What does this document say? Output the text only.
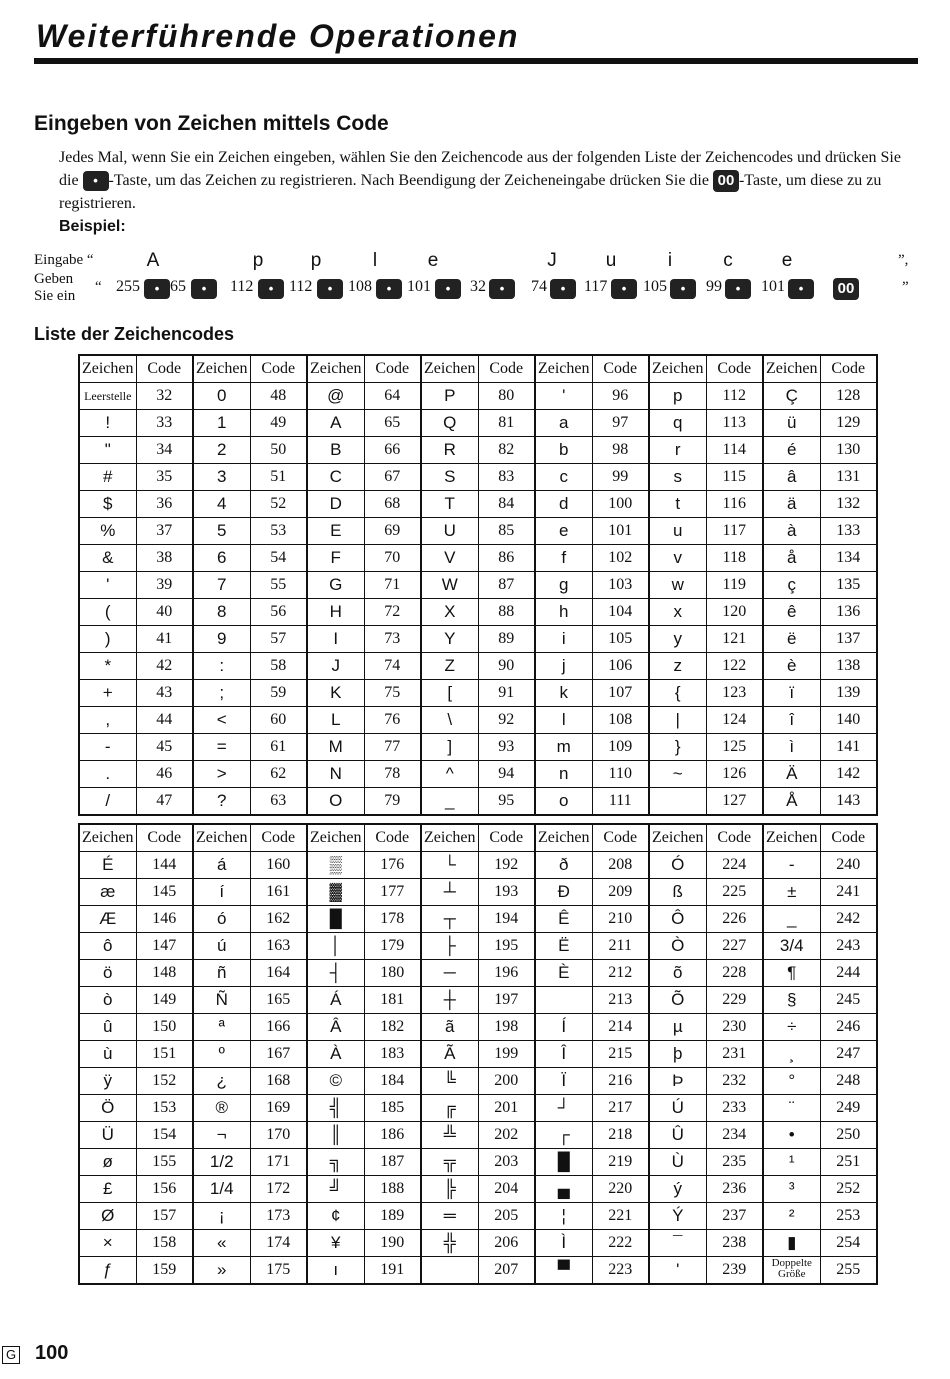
Weiterführende Operationen
Eingeben von Zeichen mittels Code
Jedes Mal, wenn Sie ein Zeichen eingeben, wählen Sie den Zeichencode aus der folgenden Liste der Zeichencodes und drücken Sie die • -Taste, um das Zeichen zu registrieren. Nach Beendigung der Zeicheneingabe drücken Sie die 00 -Taste, um diese zu zu registrieren.
Beispiel:
Eingabe “	A	p	p	l	e	J	u	i	c	e	”,
Geben
Sie ein
“ 255	• 65	•	112	• 112	• 108	• 101	•	32	•	74	•	117	•	105	•	99	•	101	•	00	”
Liste der Zeichencodes
Zeichen	Code	Zeichen	Code	Zeichen	Code	Zeichen	Code	Zeichen	Code	Zeichen	Code	Zeichen	Code
Leerstelle	32	0	48	@	64	P	80	'	96	p	112	Ç	128
!	33	1	49	A	65	Q	81	a	97	q	113	ü	129
"	34	2	50	B	66	R	82	b	98	r	114	é	130
#	35	3	51	C	67	S	83	c	99	s	115	â	131
$	36	4	52	D	68	T	84	d	100	t	116	ä	132
%	37	5	53	E	69	U	85	e	101	u	117	à	133
&	38	6	54	F	70	V	86	f	102	v	118	å	134
'	39	7	55	G	71	W	87	g	103	w	119	ç	135
(	40	8	56	H	72	X	88	h	104	x	120	ê	136
)	41	9	57	I	73	Y	89	i	105	y	121	ë	137
*	42	:	58	J	74	Z	90	j	106	z	122	è	138
+	43	;	59	K	75	[	91	k	107	{	123	ï	139
,	44	<	60	L	76	\	92	l	108	|	124	î	140
-	45	=	61	M	77	]	93	m	109	}	125	ì	141
.	46	>	62	N	78	^	94	n	110	~	126	Ä	142
/	47	?	63	O	79	_	95	o	111		127	Å	143
Zeichen	Code	Zeichen	Code	Zeichen	Code	Zeichen	Code	Zeichen	Code	Zeichen	Code	Zeichen	Code
É	144	á	160	▒	176	└	192	ð	208	Ó	224	-	240
æ	145	í	161	▓	177	┴	193	Ð	209	ß	225	±	241
Æ	146	ó	162	█	178	┬	194	Ê	210	Ô	226	_	242
ô	147	ú	163	│	179	├	195	Ë	211	Ò	227	3/4	243
ö	148	ñ	164	┤	180	─	196	È	212	õ	228	¶	244
ò	149	Ñ	165	Á	181	┼	197		213	Õ	229	§	245
û	150	ª	166	Â	182	ã	198	Í	214	µ	230	÷	246
ù	151	º	167	À	183	Ã	199	Î	215	þ	231	¸	247
ÿ	152	¿	168	©	184	╚	200	Ï	216	Þ	232	°	248
Ö	153	®	169	╣	185	╔	201	┘	217	Ú	233	¨	249
Ü	154	¬	170	║	186	╩	202	┌	218	Û	234	•	250
ø	155	1/2	171	╗	187	╦	203	█	219	Ù	235	¹	251
£	156	1/4	172	╝	188	╠	204	▄	220	ý	236	³	252
Ø	157	¡	173	¢	189	═	205	¦	221	Ý	237	²	253
×	158	«	174	¥	190	╬	206	Ì	222	¯	238	▮	254
ƒ	159	»	175	ı	191		207	▀	223	'	239	Doppelte Größe	255
G 100
